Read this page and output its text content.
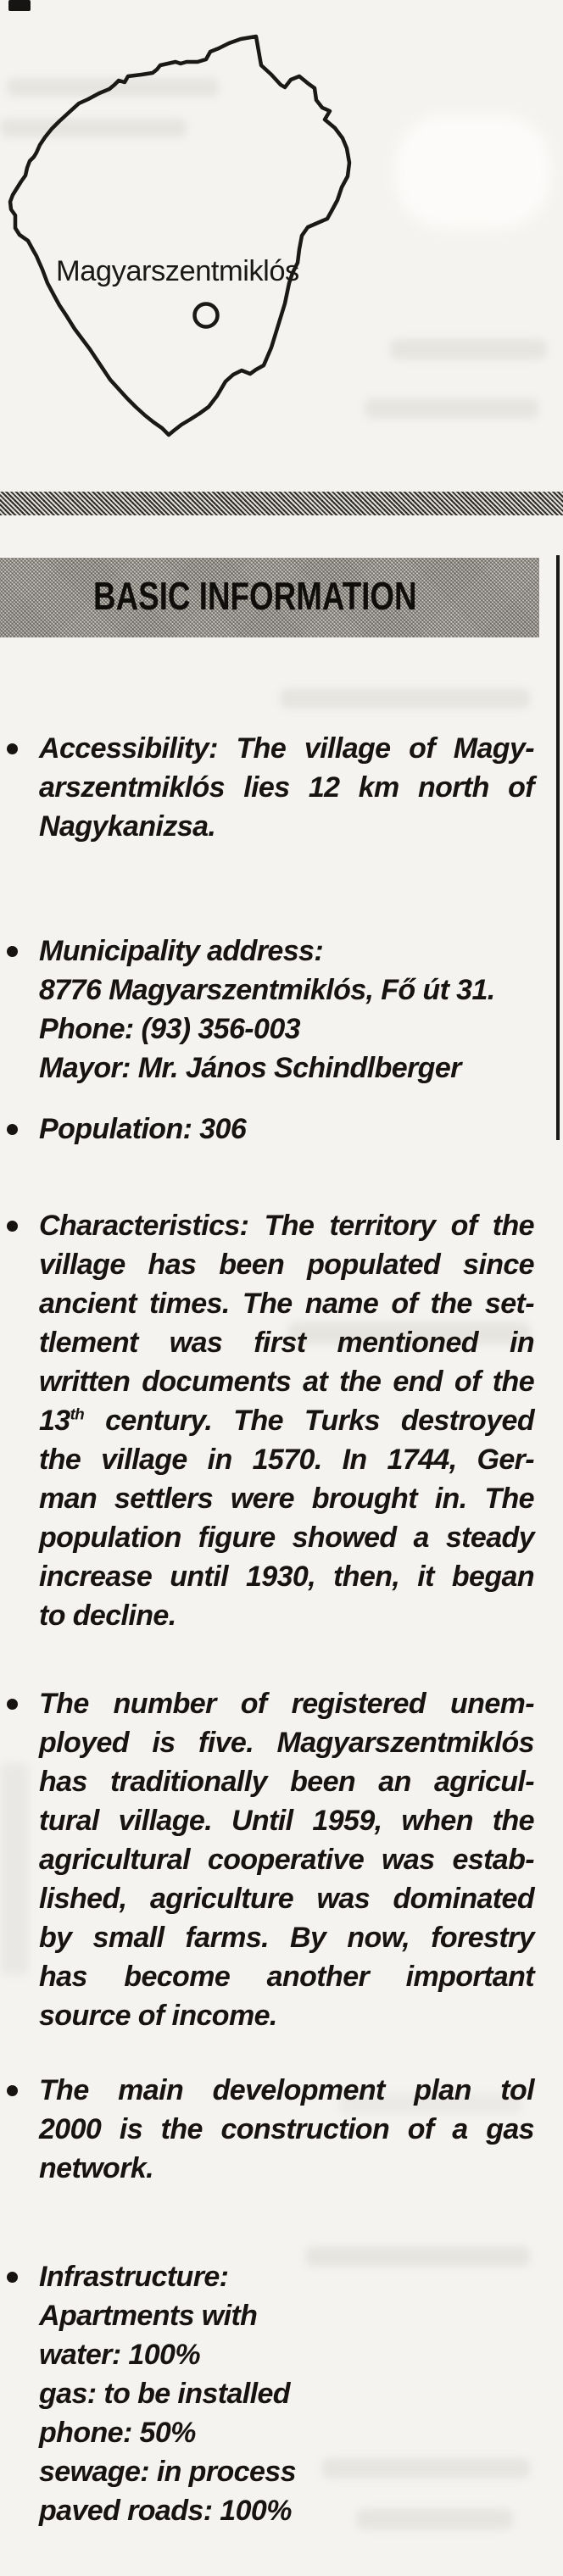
Magyarszentmiklós
BASIC INFORMATION
Accessibility: The village of Magy-
arszentmiklós lies 12 km north of
Nagykanizsa.
Municipality address:
8776 Magyarszentmiklós, Fő út 31.
Phone: (93) 356-003
Mayor: Mr. János Schindlberger
Population: 306
Characteristics: The territory of the
village has been populated since
ancient times. The name of the set-
tlement was first mentioned in
written documents at the end of the
13th century. The Turks destroyed
the village in 1570. In 1744, Ger-
man settlers were brought in. The
population figure showed a steady
increase until 1930, then, it began
to decline.
The number of registered unem-
ployed is five. Magyarszentmiklós
has traditionally been an agricul-
tural village. Until 1959, when the
agricultural cooperative was estab-
lished, agriculture was dominated
by small farms. By now, forestry
has become another important
source of income.
The main development plan tol
2000 is the construction of a gas
network.
Infrastructure:
Apartments with
water: 100%
gas: to be installed
phone: 50%
sewage: in process
paved roads: 100%
